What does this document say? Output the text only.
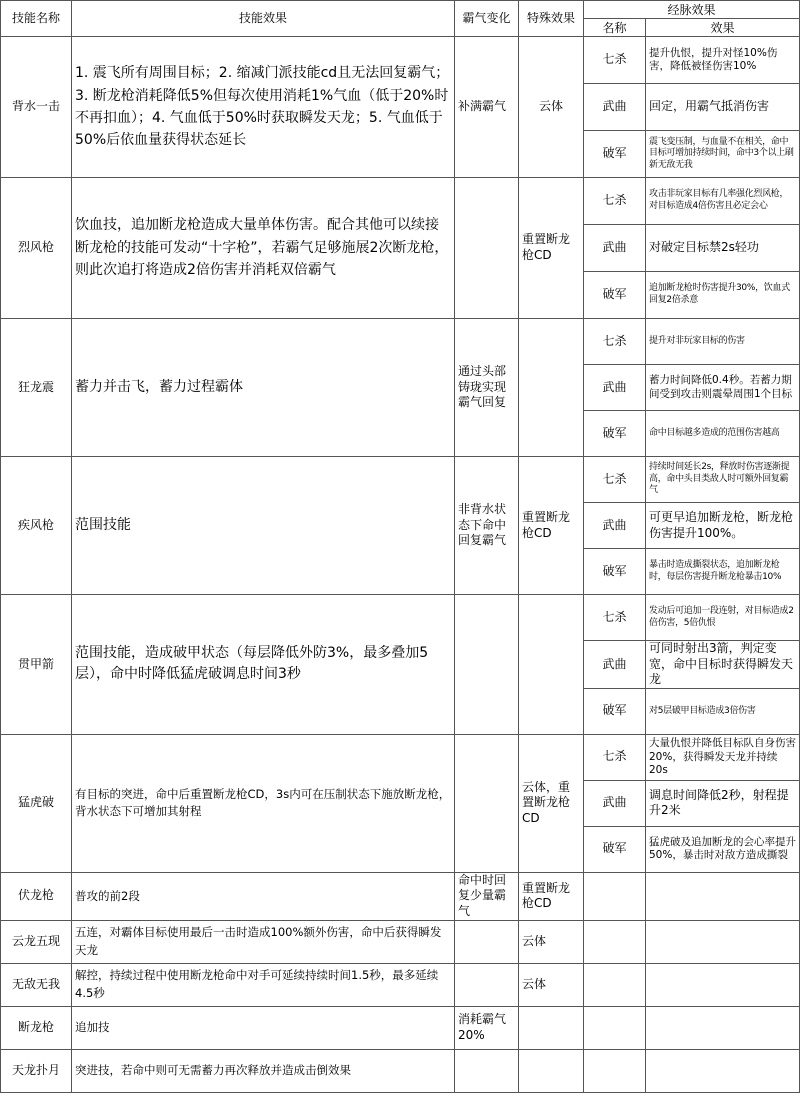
技能名称	技能效果	霸气变化	特殊效果	经脉效果	
				名称	效果
背水一击	1. 震飞所有周围目标；2. 缩减门派技能cd且无法回复霸气；3. 断龙枪消耗降低5%但每次使用消耗1%气血（低于20%时不再扣血）；4. 气血低于50%时获取瞬发天龙；5. 气血低于50%后依血量获得状态延长	补满霸气	云体	七杀	提升仇恨，提升对怪10%伤害，降低被怪伤害10%
				武曲	回定，用霸气抵消伤害
				破军	震飞变压制，与血量不在相关，命中目标可增加持续时间，命中3个以上刷新无敌无我
烈风枪	饮血技，追加断龙枪造成大量单体伤害。配合其他可以续接断龙枪的技能可发动“十字枪”，若霸气足够施展2次断龙枪，则此次追打将造成2倍伤害并消耗双倍霸气		重置断龙枪CD	七杀	攻击非玩家目标有几率强化烈风枪，对目标造成4倍伤害且必定会心
				武曲	对破定目标禁2s轻功
				破军	追加断龙枪时伤害提升30%，饮血式回复2倍杀意
狂龙震	蓄力并击飞，蓄力过程霸体	通过头部铸珑实现霸气回复		七杀	提升对非玩家目标的伤害
				武曲	蓄力时间降低0.4秒。若蓄力期间受到攻击则震晕周围1个目标
				破军	命中目标越多造成的范围伤害越高
疾风枪	范围技能	非背水状态下命中回复霸气	重置断龙枪CD	七杀	持续时间延长2s，释放时伤害逐渐提高，命中头目类敌人时可额外回复霸气
				武曲	可更早追加断龙枪，断龙枪伤害提升100%。
				破军	暴击时造成撕裂状态，追加断龙枪时，每层伤害提升断龙枪暴击10%
贯甲箭	范围技能，造成破甲状态（每层降低外防3%，最多叠加5层），命中时降低猛虎破调息时间3秒			七杀	发动后可追加一段连射，对目标造成2倍伤害，5倍仇恨
				武曲	可同时射出3箭，判定变宽，命中目标时获得瞬发天龙
				破军	对5层破甲目标造成3倍伤害
猛虎破	有目标的突进，命中后重置断龙枪CD，3s内可在压制状态下施放断龙枪，背水状态下可增加其射程		云体，重置断龙枪CD	七杀	大量仇恨并降低目标队自身伤害20%，获得瞬发天龙并持续20s
				武曲	调息时间降低2秒，射程提升2米
				破军	猛虎破及追加断龙的会心率提升50%，暴击时对敌方造成撕裂
伏龙枪	普攻的前2段	命中时回复少量霸气	重置断龙枪CD		
云龙五现	五连，对霸体目标使用最后一击时造成100%额外伤害，命中后获得瞬发天龙		云体		
无敌无我	解控，持续过程中使用断龙枪命中对手可延续持续时间1.5秒，最多延续4.5秒		云体		
断龙枪	追加技	消耗霸气20%			
天龙扑月	突进技，若命中则可无需蓄力再次释放并造成击倒效果				
